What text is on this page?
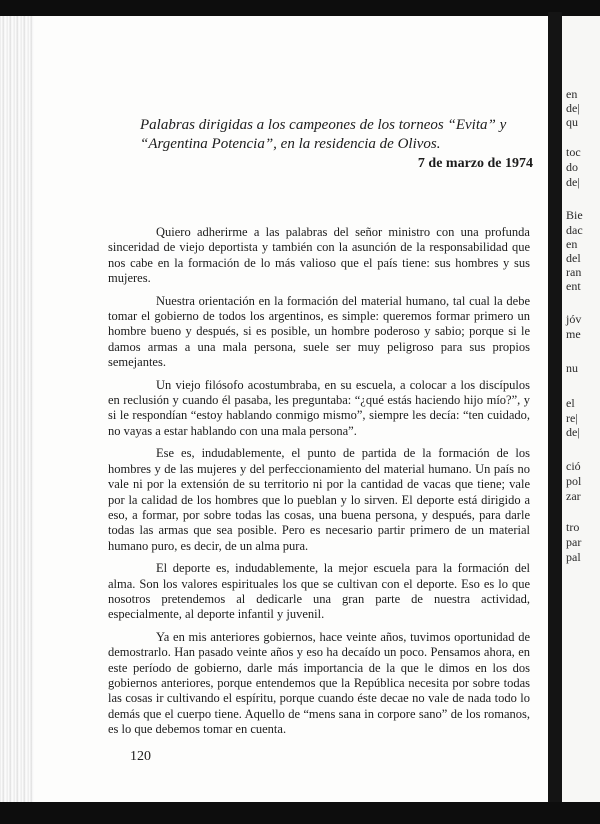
Palabras dirigidas a los campeones de los torneos “Evita” y “Argentina Potencia”, en la residencia de Olivos.
7 de marzo de 1974

Quiero adherirme a las palabras del señor ministro con una profunda sinceridad de viejo deportista y también con la asunción de la responsabilidad que nos cabe en la formación de lo más valioso que el país tiene: sus hombres y sus mujeres.

Nuestra orientación en la formación del material humano, tal cual la debe tomar el gobierno de todos los argentinos, es simple: queremos formar primero un hombre bueno y después, si es posible, un hombre poderoso y sabio; porque si le damos armas a una mala persona, suele ser muy peligroso para sus propios semejantes.

Un viejo filósofo acostumbraba, en su escuela, a colocar a los discípulos en reclusión y cuando él pasaba, les preguntaba: “¿qué estás haciendo hijo mío?”, y si le respondían “estoy hablando conmigo mismo”, siempre les decía: “ten cuidado, no vayas a estar hablando con una mala persona”.

Ese es, indudablemente, el punto de partida de la formación de los hombres y de las mujeres y del perfeccionamiento del material humano. Un país no vale ni por la extensión de su territorio ni por la cantidad de vacas que tiene; vale por la calidad de los hombres que lo pueblan y lo sirven. El deporte está dirigido a eso, a formar, por sobre todas las cosas, una buena persona, y después, para darle todas las armas que sea posible. Pero es necesario partir primero de un material humano puro, es decir, de un alma pura.

El deporte es, indudablemente, la mejor escuela para la formación del alma. Son los valores espirituales los que se cultivan con el deporte. Eso es lo que nosotros pretendemos al dedicarle una gran parte de nuestra actividad, especialmente, al deporte infantil y juvenil.

Ya en mis anteriores gobiernos, hace veinte años, tuvimos oportunidad de demostrarlo. Han pasado veinte años y eso ha decaído un poco. Pensamos ahora, en este período de gobierno, darle más importancia de la que le dimos en los dos gobiernos anteriores, porque entendemos que la República necesita por sobre todas las cosas ir cultivando el espíritu, porque cuando éste decae no vale de nada todo lo demás que el cuerpo tiene. Aquello de “mens sana in corpore sano” de los romanos, es lo que debemos tomar en cuenta.

120
en
de|
qu
toc
do
de|
Bie
dac
en
del
ran
ent
jóv
me
nu
el
re|
de|
ció
pol
zar
tro
par
pal
